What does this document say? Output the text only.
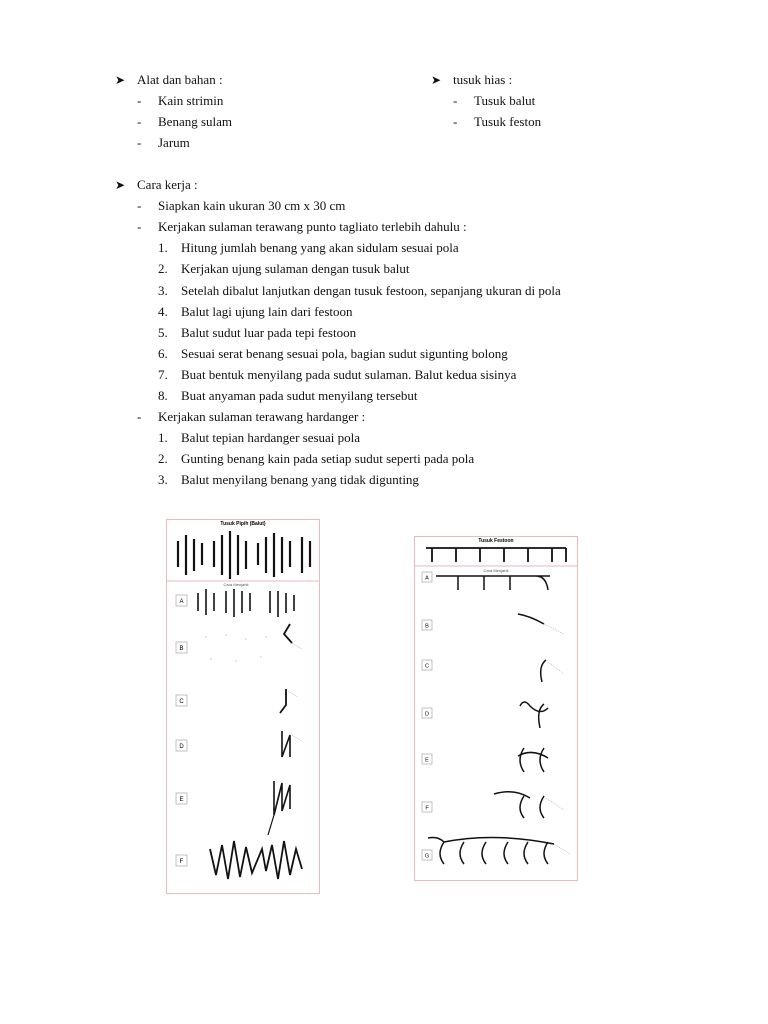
➤ Alat dan bahan :
- Kain strimin
- Benang sulam
- Jarum
➤ tusuk hias :
- Tusuk balut
- Tusuk feston
➤ Cara kerja :
- Siapkan kain ukuran 30 cm x 30 cm
- Kerjakan sulaman terawang punto tagliato terlebih dahulu :
1. Hitung jumlah benang yang akan sidulam sesuai pola
2. Kerjakan ujung sulaman dengan tusuk balut
3. Setelah dibalut lanjutkan dengan tusuk festoon, sepanjang ukuran di pola
4. Balut lagi ujung lain dari festoon
5. Balut sudut luar pada tepi festoon
6. Sesuai serat benang sesuai pola, bagian sudut sigunting bolong
7. Buat bentuk menyilang pada sudut sulaman. Balut kedua sisinya
8. Buat anyaman pada sudut menyilang tersebut
- Kerjakan sulaman terawang hardanger :
1. Balut tepian hardanger sesuai pola
2. Gunting benang kain pada setiap sudut seperti pada pola
3. Balut menyilang benang yang tidak digunting
Tusuk Pipih (Balut)
Cara Menjahit
A
B
C
D
E
F
Tusuk Festoon
Cara Menjahit
A
B
C
D
E
F
G
